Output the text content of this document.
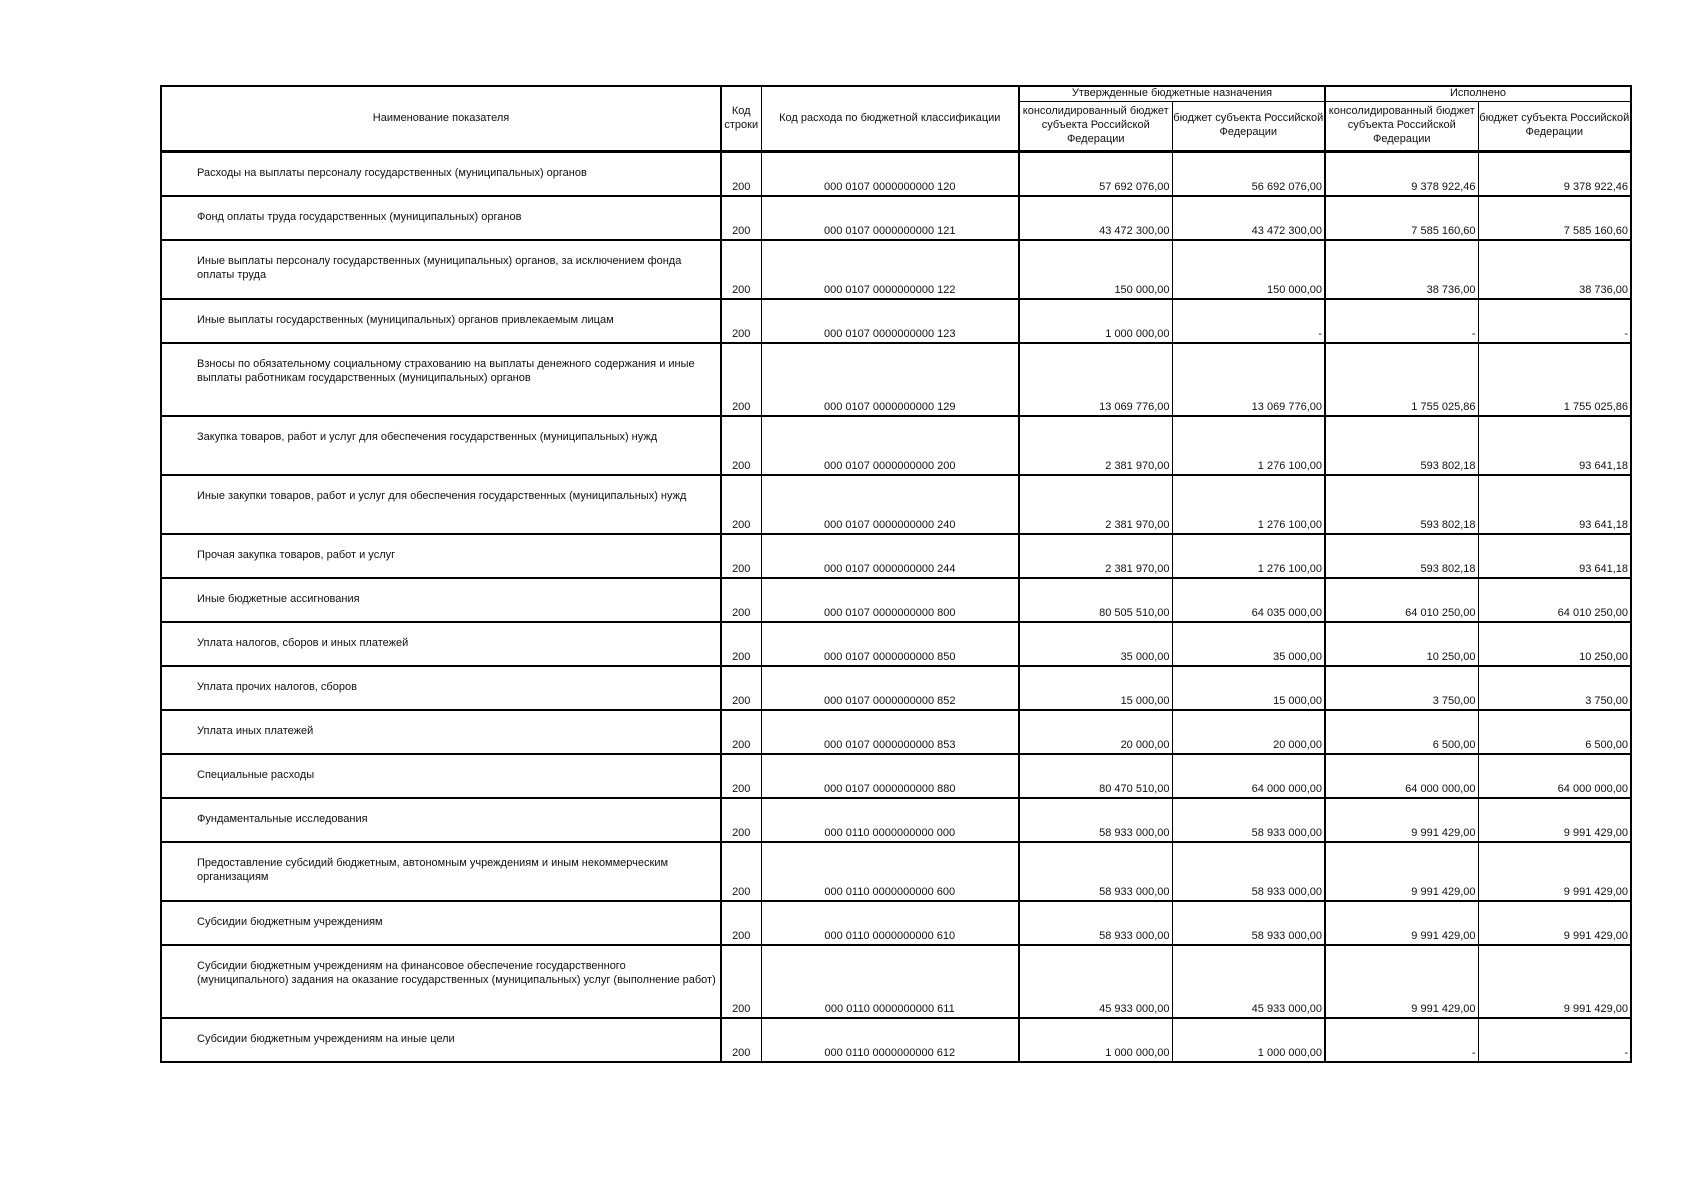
Наименование показателя	Код строки	Код расхода по бюджетной классификации	Утвержденные бюджетные назначения		Исполнено	
			консолидированный бюджет субъекта Российской Федерации	бюджет субъекта Российской Федерации	консолидированный бюджет субъекта Российской Федерации	бюджет субъекта Российской Федерации
Расходы на выплаты персоналу государственных (муниципальных) органов	200	000 0107 0000000000 120	57 692 076,00	56 692 076,00	9 378 922,46	9 378 922,46
Фонд оплаты труда государственных (муниципальных) органов	200	000 0107 0000000000 121	43 472 300,00	43 472 300,00	7 585 160,60	7 585 160,60
Иные выплаты персоналу государственных (муниципальных) органов, за исключением фонда оплаты труда	200	000 0107 0000000000 122	150 000,00	150 000,00	38 736,00	38 736,00
Иные выплаты государственных (муниципальных) органов привлекаемым лицам	200	000 0107 0000000000 123	1 000 000,00	-	-	-
Взносы по обязательному социальному страхованию на выплаты денежного содержания и иные выплаты работникам государственных (муниципальных) органов	200	000 0107 0000000000 129	13 069 776,00	13 069 776,00	1 755 025,86	1 755 025,86
Закупка товаров, работ и услуг для обеспечения государственных (муниципальных) нужд	200	000 0107 0000000000 200	2 381 970,00	1 276 100,00	593 802,18	93 641,18
Иные закупки товаров, работ и услуг для обеспечения государственных (муниципальных) нужд	200	000 0107 0000000000 240	2 381 970,00	1 276 100,00	593 802,18	93 641,18
Прочая закупка товаров, работ и услуг	200	000 0107 0000000000 244	2 381 970,00	1 276 100,00	593 802,18	93 641,18
Иные бюджетные ассигнования	200	000 0107 0000000000 800	80 505 510,00	64 035 000,00	64 010 250,00	64 010 250,00
Уплата налогов, сборов и иных платежей	200	000 0107 0000000000 850	35 000,00	35 000,00	10 250,00	10 250,00
Уплата прочих налогов, сборов	200	000 0107 0000000000 852	15 000,00	15 000,00	3 750,00	3 750,00
Уплата иных платежей	200	000 0107 0000000000 853	20 000,00	20 000,00	6 500,00	6 500,00
Специальные расходы	200	000 0107 0000000000 880	80 470 510,00	64 000 000,00	64 000 000,00	64 000 000,00
Фундаментальные исследования	200	000 0110 0000000000 000	58 933 000,00	58 933 000,00	9 991 429,00	9 991 429,00
Предоставление субсидий бюджетным, автономным учреждениям и иным некоммерческим организациям	200	000 0110 0000000000 600	58 933 000,00	58 933 000,00	9 991 429,00	9 991 429,00
Субсидии бюджетным учреждениям	200	000 0110 0000000000 610	58 933 000,00	58 933 000,00	9 991 429,00	9 991 429,00
Субсидии бюджетным учреждениям на финансовое обеспечение государственного (муниципального) задания на оказание государственных (муниципальных) услуг (выполнение работ)	200	000 0110 0000000000 611	45 933 000,00	45 933 000,00	9 991 429,00	9 991 429,00
Субсидии бюджетным учреждениям на иные цели	200	000 0110 0000000000 612	1 000 000,00	1 000 000,00	-	-
